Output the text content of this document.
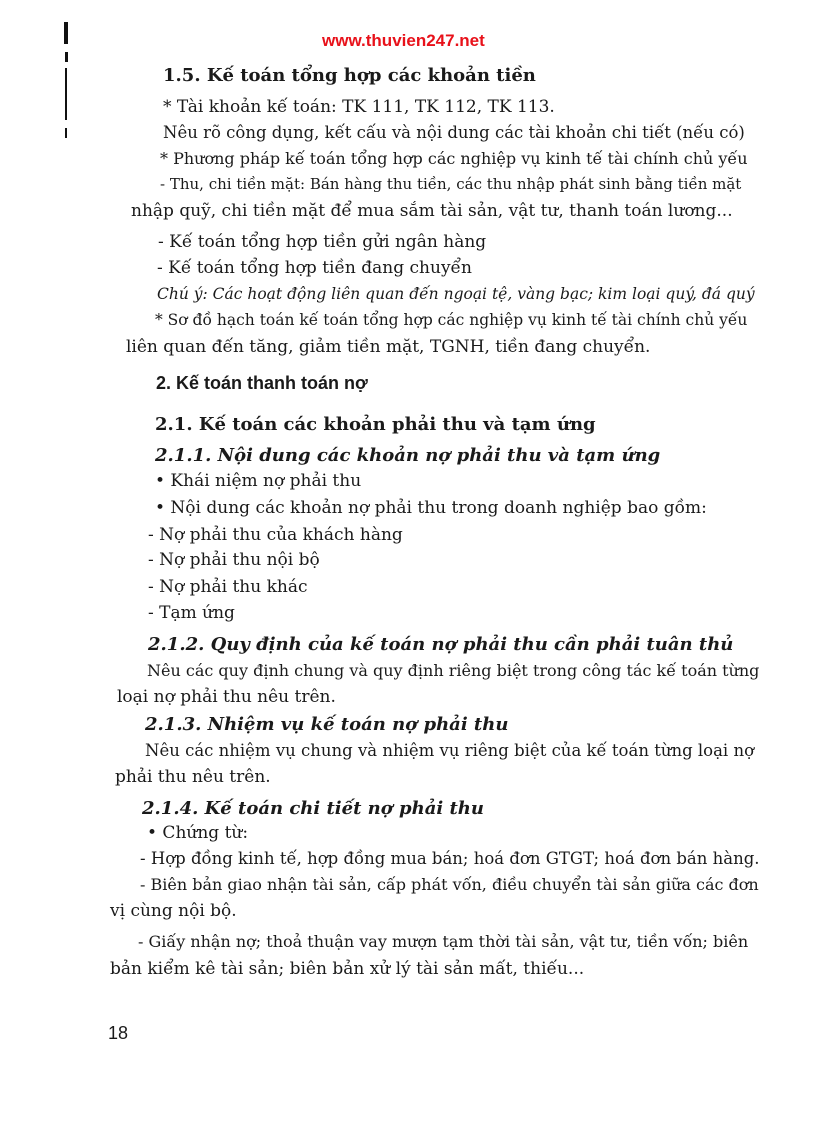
www.thuvien247.net
1.5. Kế toán tổng hợp các khoản tiền
* Tài khoản kế toán: TK 111, TK 112, TK 113.
Nêu rõ công dụng, kết cấu và nội dung các tài khoản chi tiết (nếu có)
* Phương pháp kế toán tổng hợp các nghiệp vụ kinh tế tài chính chủ yếu
- Thu, chi tiền mặt: Bán hàng thu tiền, các thu nhập phát sinh bằng tiền mặt
nhập quỹ, chi tiền mặt để mua sắm tài sản, vật tư, thanh toán lương...
- Kế toán tổng hợp tiền gửi ngân hàng
- Kế toán tổng hợp tiền đang chuyển
Chú ý: Các hoạt động liên quan đến ngoại tệ, vàng bạc; kim loại quý, đá quý
* Sơ đồ hạch toán kế toán tổng hợp các nghiệp vụ kinh tế tài chính chủ yếu
liên quan đến tăng, giảm tiền mặt, TGNH, tiền đang chuyển.
2. Kế toán thanh toán nợ
2.1. Kế toán các khoản phải thu và tạm ứng
2.1.1. Nội dung các khoản nợ phải thu và tạm ứng
• Khái niệm nợ phải thu
• Nội dung các khoản nợ phải thu trong doanh nghiệp bao gồm:
- Nợ phải thu của khách hàng
- Nợ phải thu nội bộ
- Nợ phải thu khác
- Tạm ứng
2.1.2. Quy định của kế toán nợ phải thu cần phải tuân thủ
Nêu các quy định chung và quy định riêng biệt trong công tác kế toán từng
loại nợ phải thu nêu trên.
2.1.3. Nhiệm vụ kế toán nợ phải thu
Nêu các nhiệm vụ chung và nhiệm vụ riêng biệt của kế toán từng loại nợ
phải thu nêu trên.
2.1.4. Kế toán chi tiết nợ phải thu
• Chứng từ:
- Hợp đồng kinh tế, hợp đồng mua bán; hoá đơn GTGT; hoá đơn bán hàng.
- Biên bản giao nhận tài sản, cấp phát vốn, điều chuyển tài sản giữa các đơn
vị cùng nội bộ.
- Giấy nhận nợ; thoả thuận vay mượn tạm thời tài sản, vật tư, tiền vốn; biên
bản kiểm kê tài sản; biên bản xử lý tài sản mất, thiếu...
18
